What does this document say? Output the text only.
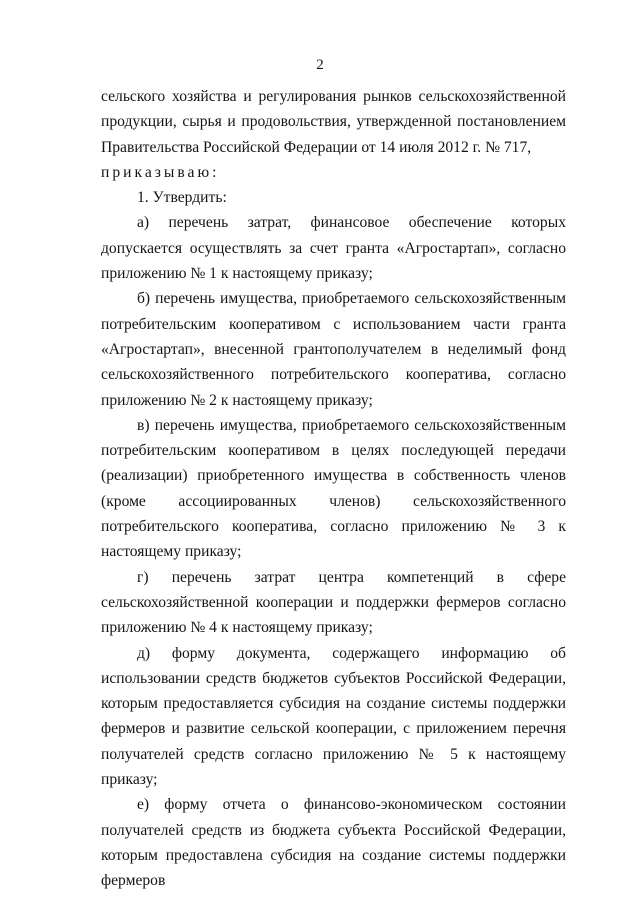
2

сельского хозяйства и регулирования рынков сельскохозяйственной продукции, сырья и продовольствия, утвержденной постановлением Правительства Российской Федерации от 14 июля 2012 г. № 717,

приказываю:

1. Утвердить:

а) перечень затрат, финансовое обеспечение которых допускается осуществлять за счет гранта «Агростартап», согласно приложению № 1 к настоящему приказу;

б) перечень имущества, приобретаемого сельскохозяйственным потребительским кооперативом с использованием части гранта «Агростартап», внесенной грантополучателем в неделимый фонд сельскохозяйственного потребительского кооператива, согласно приложению № 2 к настоящему приказу;

в) перечень имущества, приобретаемого сельскохозяйственным потребительским кооперативом в целях последующей передачи (реализации) приобретенного имущества в собственность членов (кроме ассоциированных членов) сельскохозяйственного потребительского кооператива, согласно приложению № 3 к настоящему приказу;

г) перечень затрат центра компетенций в сфере сельскохозяйственной кооперации и поддержки фермеров согласно приложению № 4 к настоящему приказу;

д) форму документа, содержащего информацию об использовании средств бюджетов субъектов Российской Федерации, которым предоставляется субсидия на создание системы поддержки фермеров и развитие сельской кооперации, с приложением перечня получателей средств согласно приложению № 5 к настоящему приказу;

е) форму отчета о финансово-экономическом состоянии получателей средств из бюджета субъекта Российской Федерации, которым предоставлена субсидия на создание системы поддержки фермеров
